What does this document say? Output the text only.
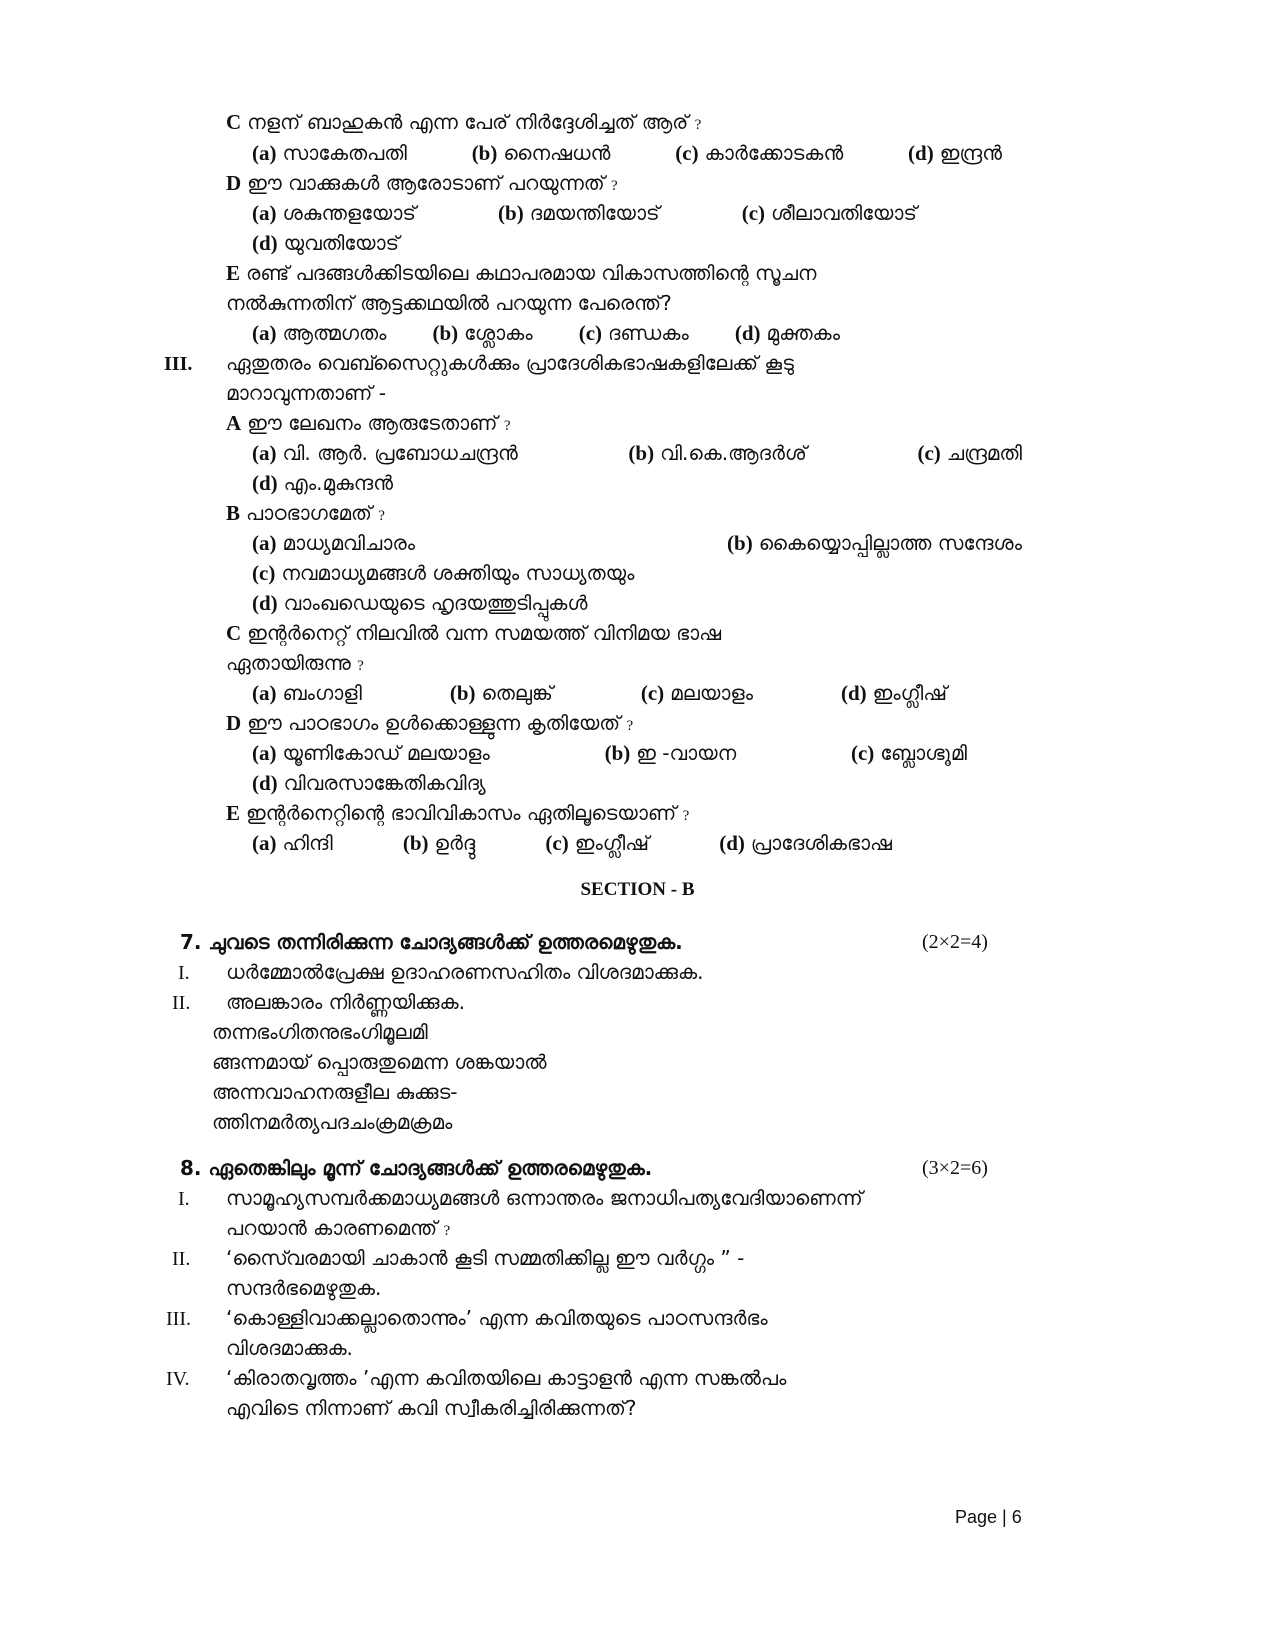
C നളന് ബാഹുകൻ എന്ന പേര് നിർദ്ദേശിച്ചത് ആര് ?
(a) സാകേതപതി	(b) നൈഷധൻ	(c) കാർക്കോടകൻ	(d) ഇന്ദ്രൻ
D ഈ വാക്കുകൾ ആരോടാണ് പറയുന്നത് ?
(a) ശകുന്തളയോട്	(b) ദമയന്തിയോട്	(c) ശീലാവതിയോട്
(d) യുവതിയോട്
E രണ്ട് പദങ്ങൾക്കിടയിലെ കഥാപരമായ വികാസത്തിന്റെ സൂചന
നൽകുന്നതിന് ആട്ടക്കഥയിൽ പറയുന്ന പേരെന്ത്?
(a) ആത്മഗതം (b) ശ്ലോകം (c) ദണ്ഡകം (d) മുക്തകം
III. ഏതുതരം വെബ്സൈറ്റുകൾക്കും പ്രാദേശികഭാഷകളിലേക്ക് കൂടു
മാറാവുന്നതാണ് -
A ഈ ലേഖനം ആരുടേതാണ് ?
(a) വി. ആർ. പ്രബോധചന്ദ്രൻ	(b) വി.കെ.ആദർശ്	(c) ചന്ദ്രമതി
(d) എം.മുകുന്ദൻ
B പാഠഭാഗമേത് ?
(a) മാധ്യമവിചാരം	(b) കൈയ്യൊപ്പില്ലാത്ത സന്ദേശം
(c) നവമാധ്യമങ്ങൾ ശക്തിയും സാധ്യതയും
(d) വാംഖഡെയുടെ ഹൃദയത്തുടിപ്പുകൾ
C ഇന്റർനെറ്റ് നിലവിൽ വന്ന സമയത്ത് വിനിമയ ഭാഷ
ഏതായിരുന്നു ?
(a) ബംഗാളി	(b) തെലുങ്ക്	(c) മലയാളം	(d) ഇംഗ്ലീഷ്
D ഈ പാഠഭാഗം ഉൾക്കൊള്ളുന്ന കൃതിയേത് ?
(a) യൂണികോഡ് മലയാളം	(b) ഇ -വായന	(c) ബ്ലോഗ്ഭൂമി
(d) വിവരസാങ്കേതികവിദ്യ
E ഇന്റർനെറ്റിന്റെ ഭാവിവികാസം ഏതിലൂടെയാണ് ?
(a) ഹിന്ദി	(b) ഉർദ്ദു	(c) ഇംഗ്ലീഷ്	(d) പ്രാദേശികഭാഷ
SECTION - B
7. ചുവടെ തന്നിരിക്കുന്ന ചോദ്യങ്ങൾക്ക് ഉത്തരമെഴുതുക.	(2×2=4)
I. ധർമ്മോൽപ്രേക്ഷ ഉദാഹരണസഹിതം വിശദമാക്കുക.
II. അലങ്കാരം നിർണ്ണയിക്കുക.
തന്നഭംഗിതനുഭംഗിമൂലമി
ങ്ങന്നമായ് പ്പൊരുതുമെന്ന ശങ്കയാൽ
അന്നവാഹനരുളീല കുക്കുട-
ത്തിനമർത്യപദചംക്രമക്രമം
8. ഏതെങ്കിലും മൂന്ന് ചോദ്യങ്ങൾക്ക് ഉത്തരമെഴുതുക.	(3×2=6)
I. സാമൂഹ്യസമ്പർക്കമാധ്യമങ്ങൾ ഒന്നാന്തരം ജനാധിപത്യവേദിയാണെന്ന്
പറയാൻ കാരണമെന്ത് ?
II. ‘സൈ്വരമായി ചാകാൻ കൂടി സമ്മതിക്കില്ല ഈ വർഗ്ഗം ” -
സന്ദർഭമെഴുതുക.
III. ‘കൊള്ളിവാക്കല്ലാതൊന്നും’ എന്ന കവിതയുടെ പാഠസന്ദർഭം
വിശദമാക്കുക.
IV. ‘കിരാതവൃത്തം ’എന്ന കവിതയിലെ കാട്ടാളൻ എന്ന സങ്കൽപം
എവിടെ നിന്നാണ് കവി സ്വീകരിച്ചിരിക്കുന്നത്?
Page | 6
